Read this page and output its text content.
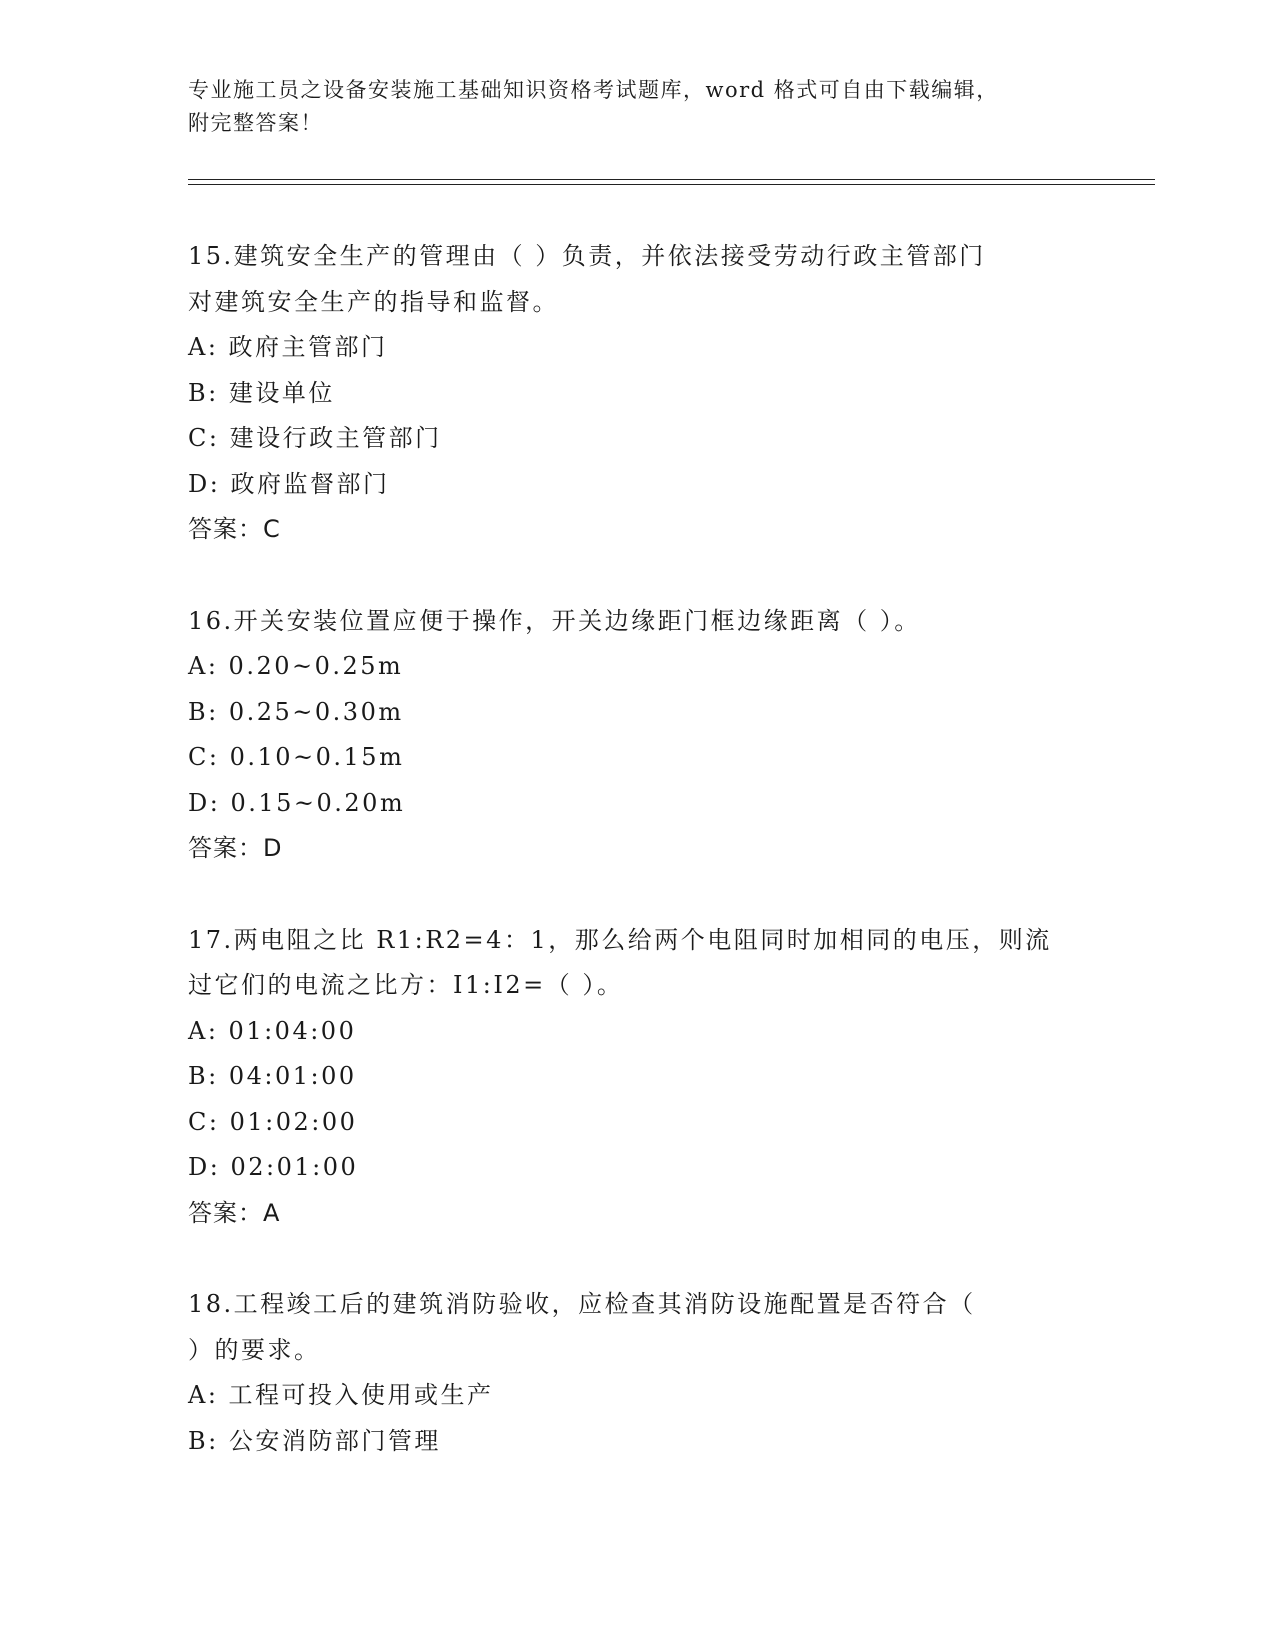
专业施工员之设备安装施工基础知识资格考试题库，word 格式可自由下载编辑，
附完整答案！
15.建筑安全生产的管理由（ ）负责，并依法接受劳动行政主管部门
对建筑安全生产的指导和监督。
A: 政府主管部门
B: 建设单位
C: 建设行政主管部门
D: 政府监督部门
答案：C
16.开关安装位置应便于操作，开关边缘距门框边缘距离（ ）。
A: 0.20~0.25m
B: 0.25~0.30m
C: 0.10~0.15m
D: 0.15~0.20m
答案：D
17.两电阻之比 R1:R2=4：1，那么给两个电阻同时加相同的电压，则流
过它们的电流之比方：I1:I2=（ ）。
A: 01:04:00
B: 04:01:00
C: 01:02:00
D: 02:01:00
答案：A
18.工程竣工后的建筑消防验收，应检查其消防设施配置是否符合（
）的要求。
A: 工程可投入使用或生产
B: 公安消防部门管理
